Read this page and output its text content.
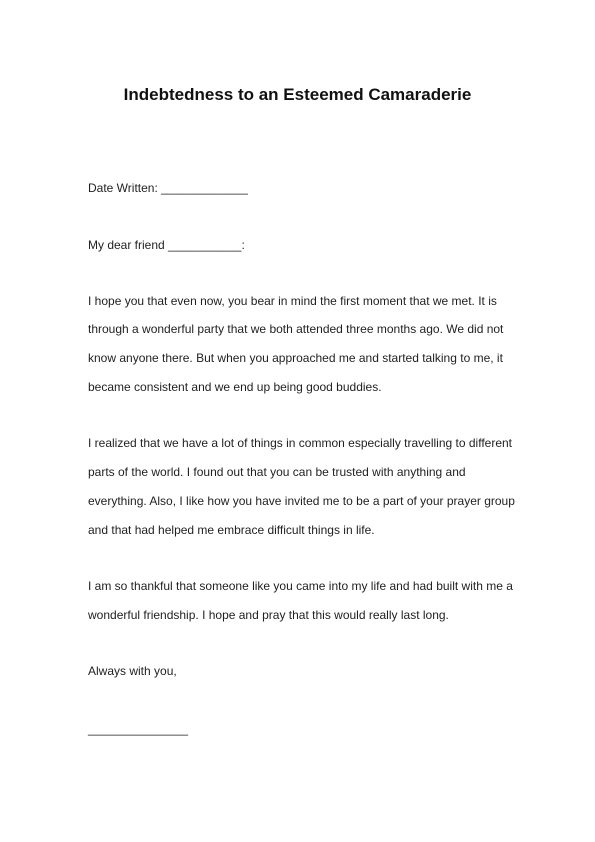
Indebtedness to an Esteemed Camaraderie

Date Written: _____________

My dear friend ___________:

I hope you that even now, you bear in mind the first moment that we met. It is

through a wonderful party that we both attended three months ago. We did not

know anyone there. But when you approached me and started talking to me, it

became consistent and we end up being good buddies.

I realized that we have a lot of things in common especially travelling to different

parts of the world. I found out that you can be trusted with anything and

everything. Also, I like how you have invited me to be a part of your prayer group

and that had helped me embrace difficult things in life.

I am so thankful that someone like you came into my life and had built with me a

wonderful friendship. I hope and pray that this would really last long.

Always with you,

_______________
